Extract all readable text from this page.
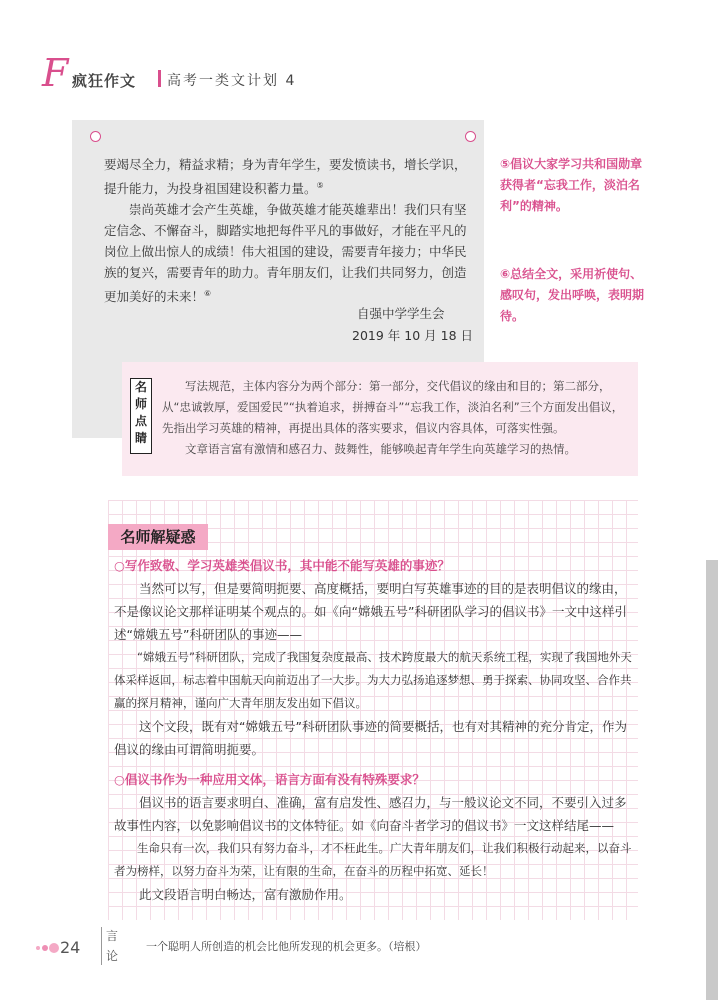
F 疯狂作文 高考一类文计划 4

要竭尽全力，精益求精；身为青年学生，要发愤读书，增长学识，提升能力，为投身祖国建设积蓄力量。⑤

崇尚英雄才会产生英雄，争做英雄才能英雄辈出！我们只有坚定信念、不懈奋斗，脚踏实地把每件平凡的事做好，才能在平凡的岗位上做出惊人的成绩！伟大祖国的建设，需要青年接力；中华民族的复兴，需要青年的助力。青年朋友们，让我们共同努力，创造更加美好的未来！⑥

自强中学学生会
2019 年 10 月 18 日

⑤倡议大家学习共和国勋章获得者“忘我工作，淡泊名利”的精神。

⑥总结全文，采用祈使句、感叹句，发出呼唤，表明期待。

名
师
点
睛

写法规范，主体内容分为两个部分：第一部分，交代倡议的缘由和目的；第二部分，从“忠诚敦厚，爱国爱民”“执着追求，拼搏奋斗”“忘我工作，淡泊名利”三个方面发出倡议，先指出学习英雄的精神，再提出具体的落实要求，倡议内容具体，可落实性强。

文章语言富有激情和感召力、鼓舞性，能够唤起青年学生向英雄学习的热情。

名师解疑惑

○写作致敬、学习英雄类倡议书，其中能不能写英雄的事迹？

当然可以写，但是要简明扼要、高度概括，要明白写英雄事迹的目的是表明倡议的缘由，不是像议论文那样证明某个观点的。如《向“嫦娥五号”科研团队学习的倡议书》一文中这样引述“嫦娥五号”科研团队的事迹——

“嫦娥五号”科研团队，完成了我国复杂度最高、技术跨度最大的航天系统工程，实现了我国地外天体采样返回，标志着中国航天向前迈出了一大步。为大力弘扬追逐梦想、勇于探索、协同攻坚、合作共赢的探月精神，谨向广大青年朋友发出如下倡议。

这个文段，既有对“嫦娥五号”科研团队事迹的简要概括，也有对其精神的充分肯定，作为倡议的缘由可谓简明扼要。

○倡议书作为一种应用文体，语言方面有没有特殊要求？

倡议书的语言要求明白、准确，富有启发性、感召力，与一般议论文不同，不要引入过多故事性内容，以免影响倡议书的文体特征。如《向奋斗者学习的倡议书》一文这样结尾——

生命只有一次，我们只有努力奋斗，才不枉此生。广大青年朋友们，让我们积极行动起来，以奋斗者为榜样，以努力奋斗为荣，让有限的生命，在奋斗的历程中拓宽、延长！

此文段语言明白畅达，富有激励作用。

24
言
论
一个聪明人所创造的机会比他所发现的机会更多。（培根）
